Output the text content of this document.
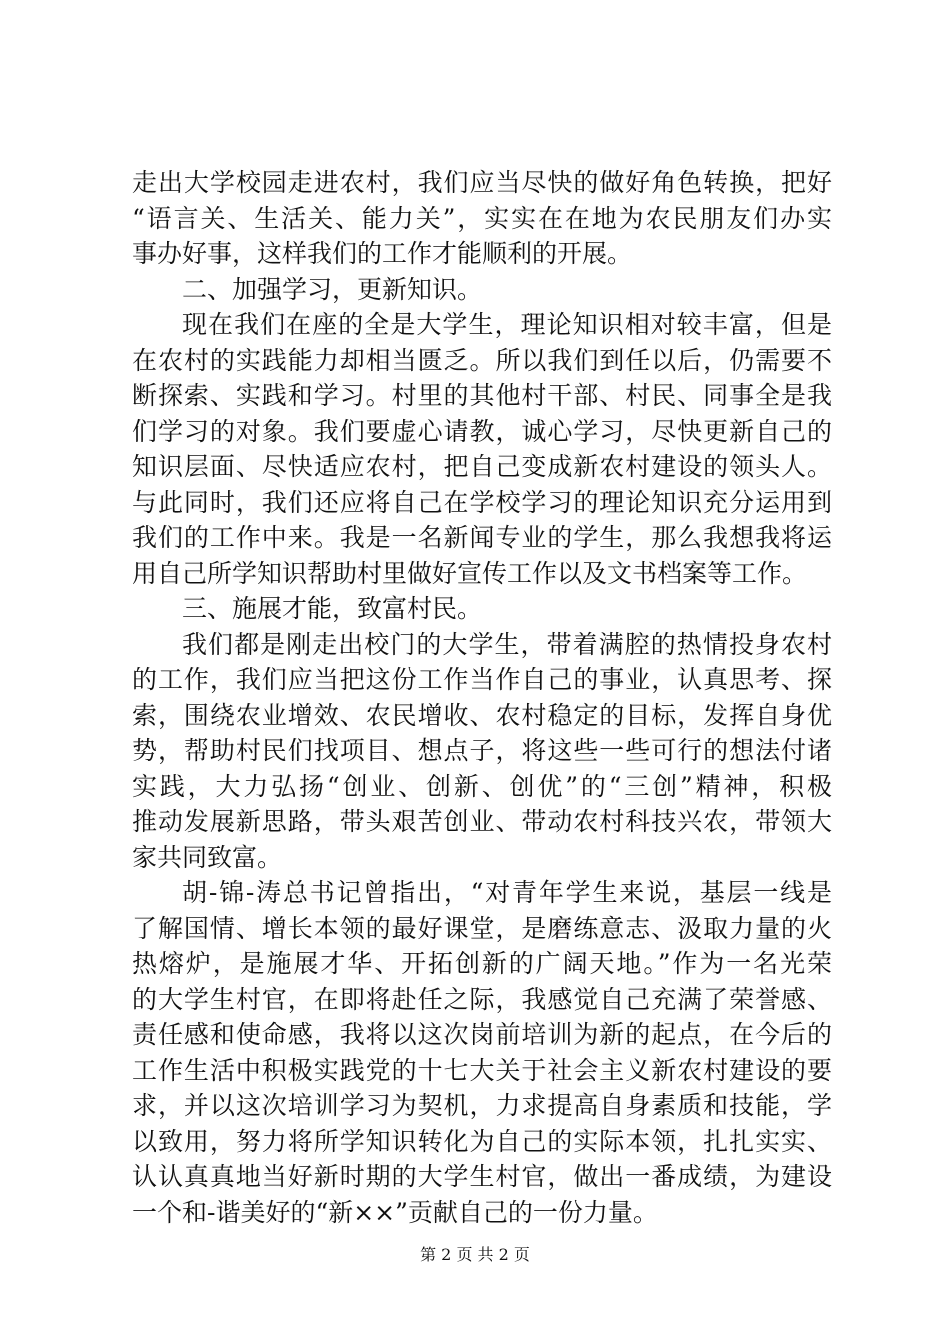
走出大学校园走进农村，我们应当尽快的做好角色转换，把好
“语言关、生活关、能力关”，实实在在地为农民朋友们办实
事办好事，这样我们的工作才能顺利的开展。
二、加强学习，更新知识。
现在我们在座的全是大学生，理论知识相对较丰富，但是
在农村的实践能力却相当匮乏。所以我们到任以后，仍需要不
断探索、实践和学习。村里的其他村干部、村民、同事全是我
们学习的对象。我们要虚心请教，诚心学习，尽快更新自己的
知识层面、尽快适应农村，把自己变成新农村建设的领头人。
与此同时，我们还应将自己在学校学习的理论知识充分运用到
我们的工作中来。我是一名新闻专业的学生，那么我想我将运
用自己所学知识帮助村里做好宣传工作以及文书档案等工作。
三、施展才能，致富村民。
我们都是刚走出校门的大学生，带着满腔的热情投身农村
的工作，我们应当把这份工作当作自己的事业，认真思考、探
索，围绕农业增效、农民增收、农村稳定的目标，发挥自身优
势，帮助村民们找项目、想点子，将这些一些可行的想法付诸
实践，大力弘扬“创业、创新、创优”的“三创”精神，积极
推动发展新思路，带头艰苦创业、带动农村科技兴农，带领大
家共同致富。
胡-锦-涛总书记曾指出，“对青年学生来说，基层一线是
了解国情、增长本领的最好课堂，是磨练意志、汲取力量的火
热熔炉，是施展才华、开拓创新的广阔天地。”作为一名光荣
的大学生村官，在即将赴任之际，我感觉自己充满了荣誉感、
责任感和使命感，我将以这次岗前培训为新的起点，在今后的
工作生活中积极实践党的十七大关于社会主义新农村建设的要
求，并以这次培训学习为契机，力求提高自身素质和技能，学
以致用，努力将所学知识转化为自己的实际本领，扎扎实实、
认认真真地当好新时期的大学生村官，做出一番成绩，为建设
一个和-谐美好的“新××”贡献自己的一份力量。
第 2 页 共 2 页
